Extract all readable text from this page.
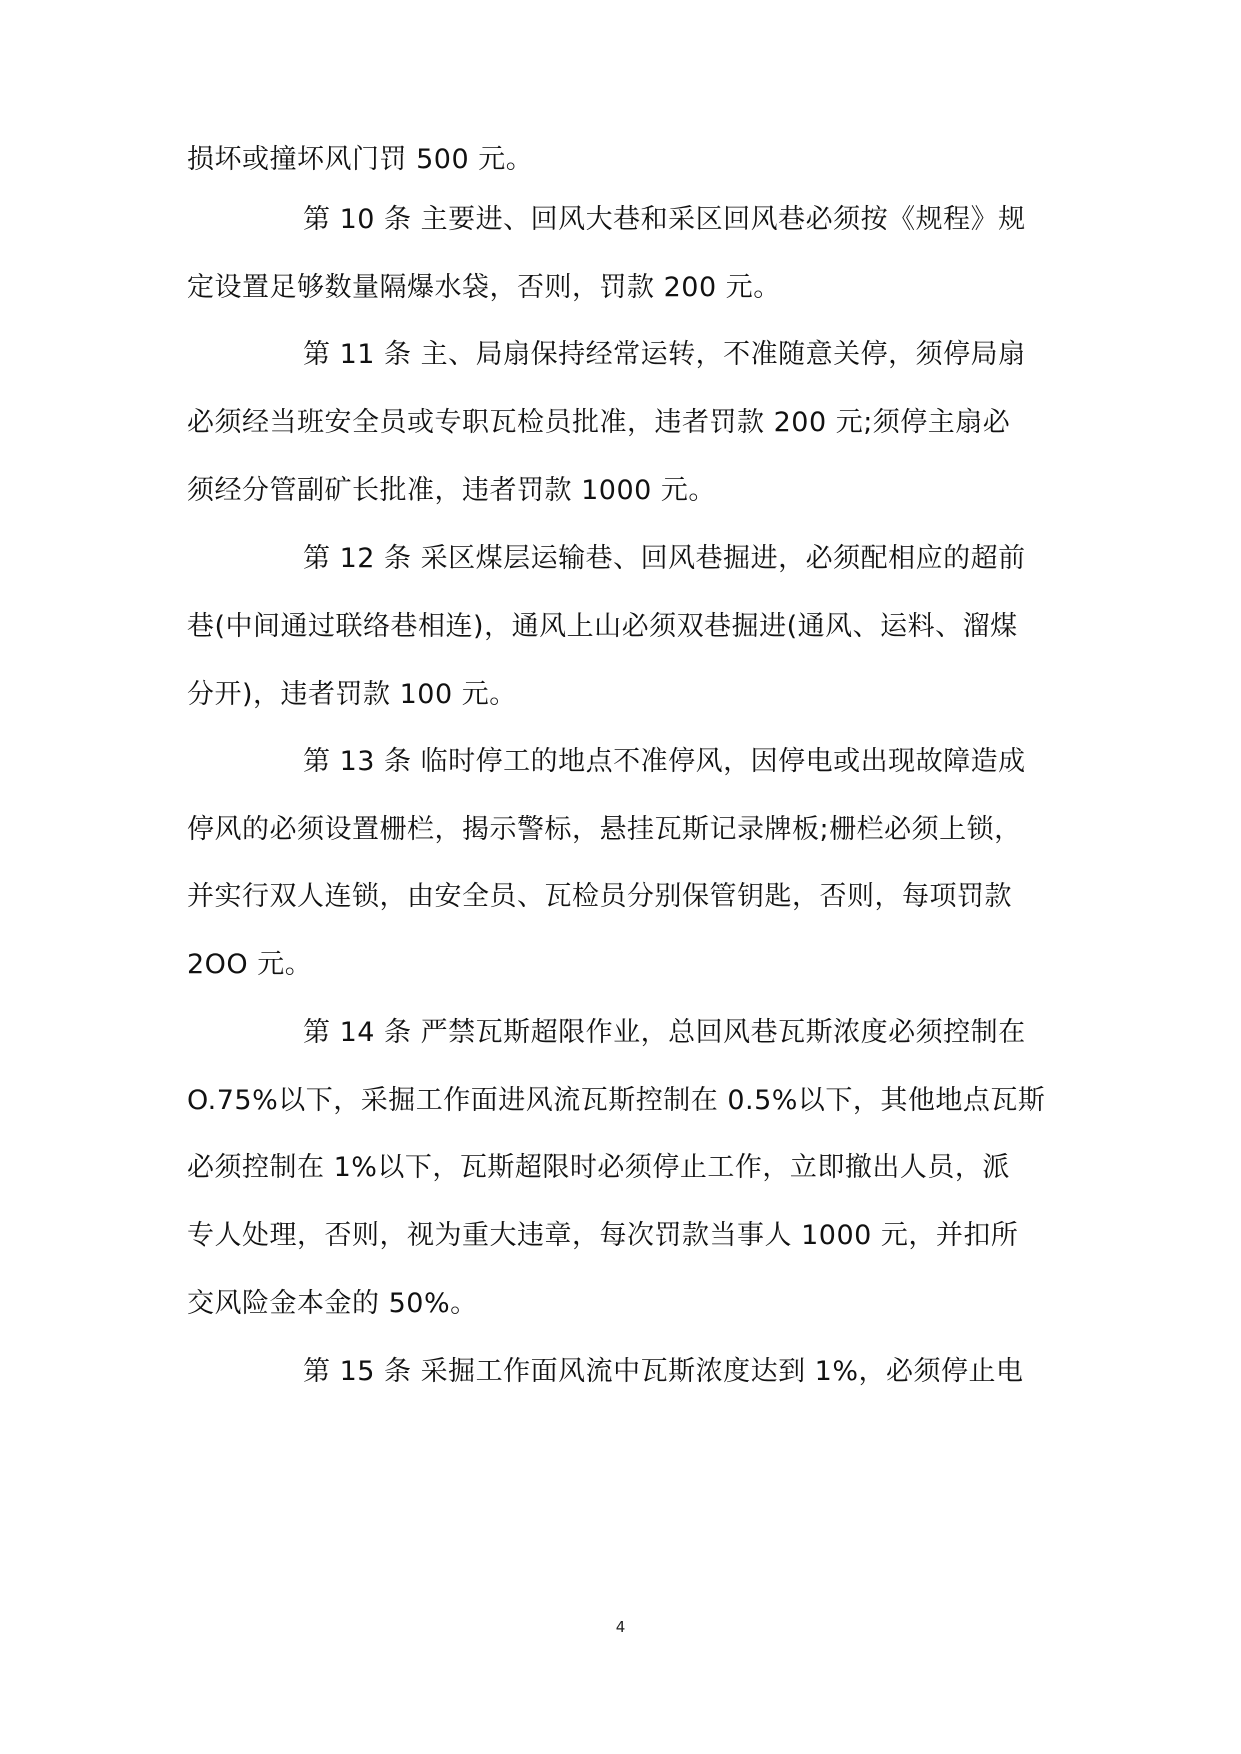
损坏或撞坏风门罚 500 元。
第 10 条 主要进、回风大巷和采区回风巷必须按《规程》规
定设置足够数量隔爆水袋，否则，罚款 200 元。
第 11 条 主、局扇保持经常运转，不准随意关停，须停局扇
必须经当班安全员或专职瓦检员批准，违者罚款 200 元;须停主扇必
须经分管副矿长批准，违者罚款 1000 元。
第 12 条 采区煤层运输巷、回风巷掘进，必须配相应的超前
巷(中间通过联络巷相连)，通风上山必须双巷掘进(通风、运料、溜煤
分开)，违者罚款 100 元。
第 13 条 临时停工的地点不准停风，因停电或出现故障造成
停风的必须设置栅栏，揭示警标，悬挂瓦斯记录牌板;栅栏必须上锁，
并实行双人连锁，由安全员、瓦检员分别保管钥匙，否则，每项罚款
2OO 元。
第 14 条 严禁瓦斯超限作业，总回风巷瓦斯浓度必须控制在
O.75%以下，采掘工作面进风流瓦斯控制在 0.5%以下，其他地点瓦斯
必须控制在 1%以下，瓦斯超限时必须停止工作，立即撤出人员，派
专人处理，否则，视为重大违章，每次罚款当事人 1000 元，并扣所
交风险金本金的 50%。
第 15 条 采掘工作面风流中瓦斯浓度达到 1%，必须停止电
4
